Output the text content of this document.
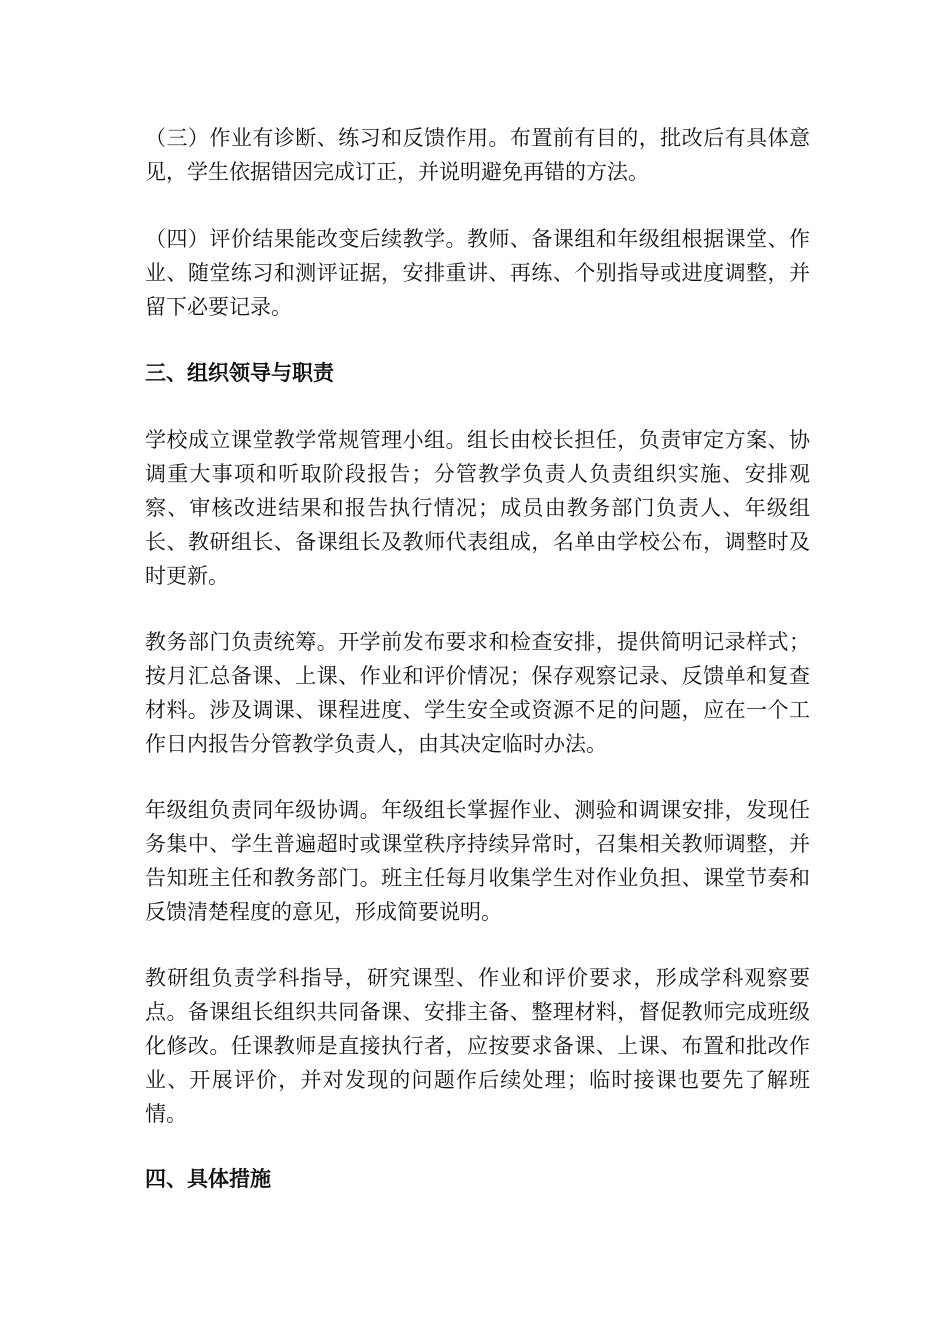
（三）作业有诊断、练习和反馈作用。布置前有目的，批改后有具体意见，学生依据错因完成订正，并说明避免再错的方法。

（四）评价结果能改变后续教学。教师、备课组和年级组根据课堂、作业、随堂练习和测评证据，安排重讲、再练、个别指导或进度调整，并留下必要记录。

三、组织领导与职责

学校成立课堂教学常规管理小组。组长由校长担任，负责审定方案、协调重大事项和听取阶段报告；分管教学负责人负责组织实施、安排观察、审核改进结果和报告执行情况；成员由教务部门负责人、年级组长、教研组长、备课组长及教师代表组成，名单由学校公布，调整时及时更新。

教务部门负责统筹。开学前发布要求和检查安排，提供简明记录样式；按月汇总备课、上课、作业和评价情况；保存观察记录、反馈单和复查材料。涉及调课、课程进度、学生安全或资源不足的问题，应在一个工作日内报告分管教学负责人，由其决定临时办法。

年级组负责同年级协调。年级组长掌握作业、测验和调课安排，发现任务集中、学生普遍超时或课堂秩序持续异常时，召集相关教师调整，并告知班主任和教务部门。班主任每月收集学生对作业负担、课堂节奏和反馈清楚程度的意见，形成简要说明。

教研组负责学科指导，研究课型、作业和评价要求，形成学科观察要点。备课组长组织共同备课、安排主备、整理材料，督促教师完成班级化修改。任课教师是直接执行者，应按要求备课、上课、布置和批改作业、开展评价，并对发现的问题作后续处理；临时接课也要先了解班情。

四、具体措施
